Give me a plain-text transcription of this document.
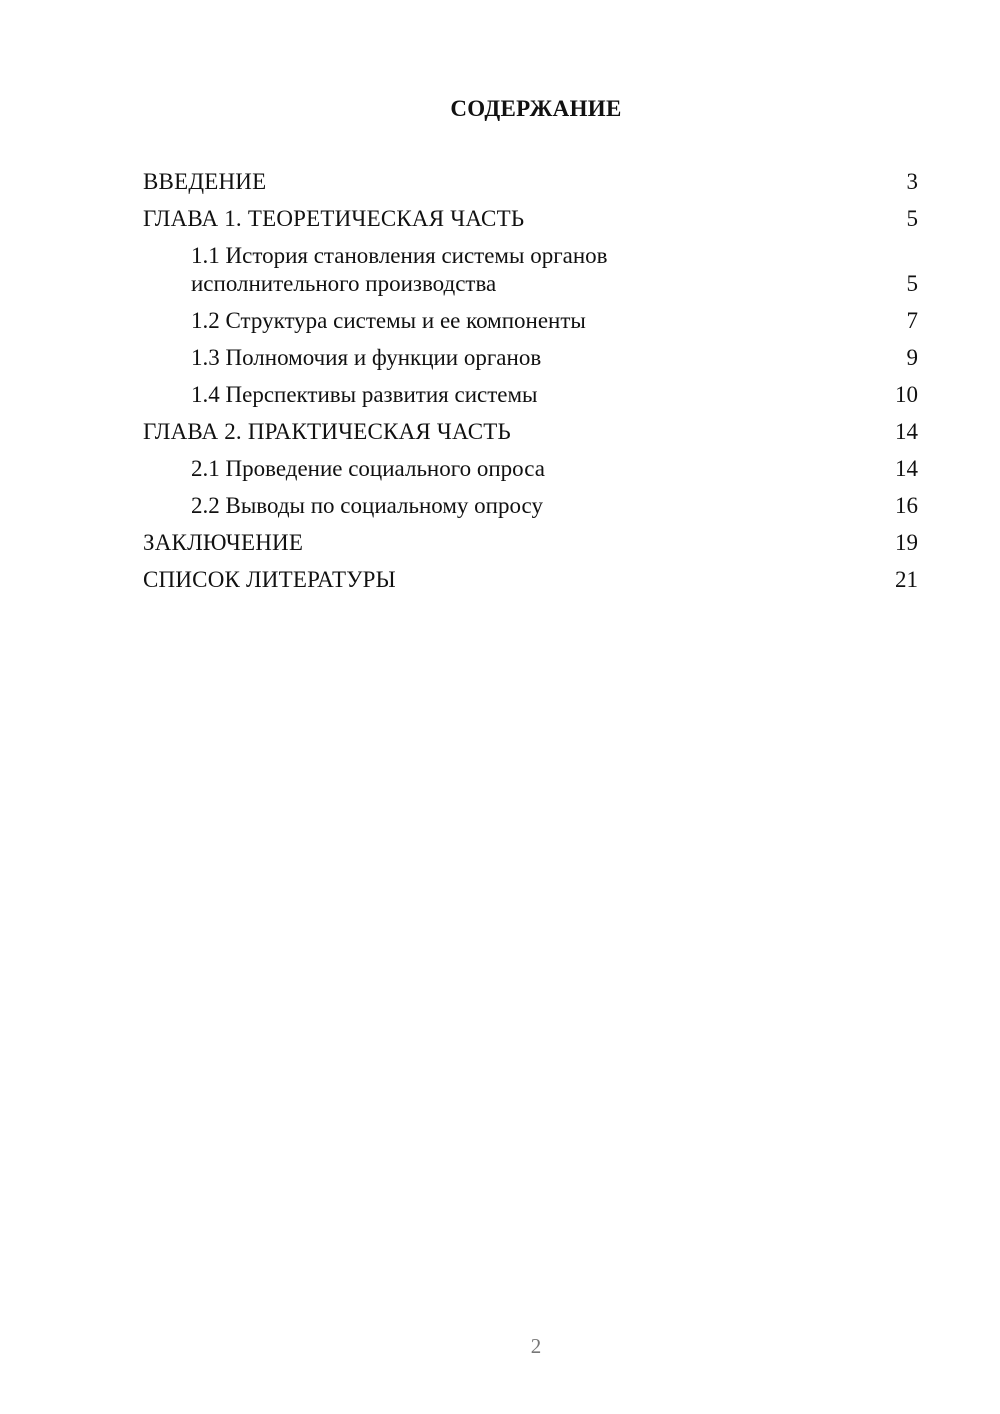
СОДЕРЖАНИЕ
ВВЕДЕНИЕ	3
ГЛАВА 1. ТЕОРЕТИЧЕСКАЯ ЧАСТЬ	5
1.1 История становления системы органов исполнительного производства	5
1.2 Структура системы и ее компоненты	7
1.3 Полномочия и функции органов	9
1.4 Перспективы развития системы	10
ГЛАВА 2. ПРАКТИЧЕСКАЯ ЧАСТЬ	14
2.1 Проведение социального опроса	14
2.2 Выводы по социальному опросу	16
ЗАКЛЮЧЕНИЕ	19
СПИСОК ЛИТЕРАТУРЫ	21
2
